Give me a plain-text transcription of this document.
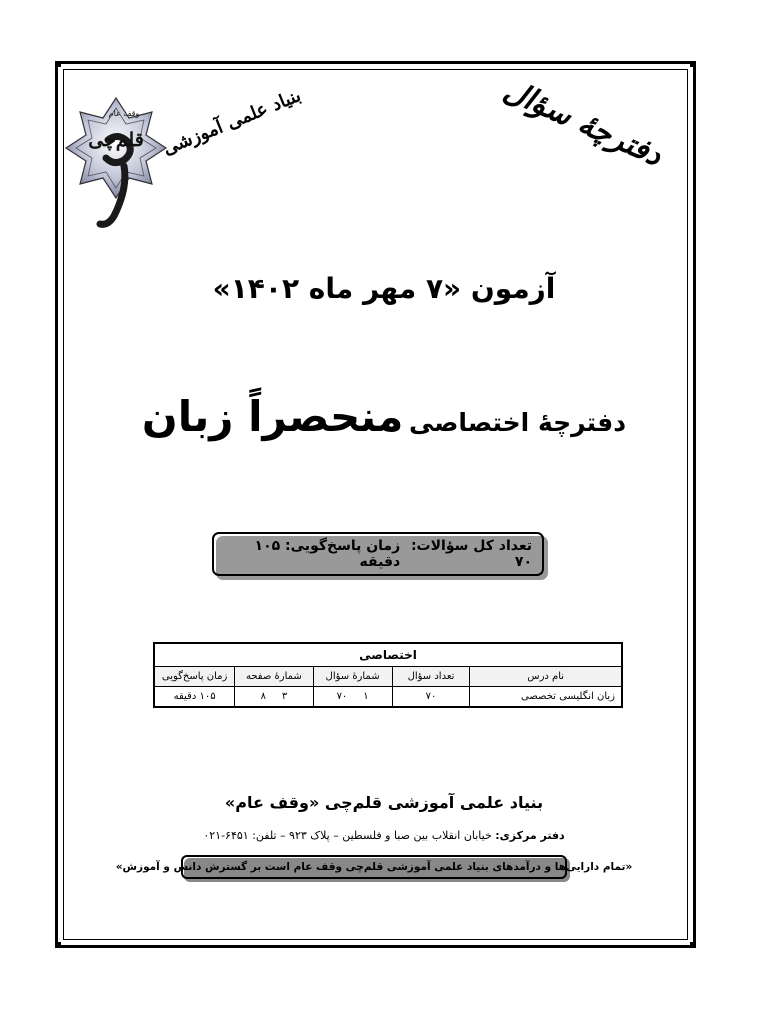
قلم‌چی
وقف عام بنیاد علمی آموزشی	دفترچۀ سؤال
آزمون «۷ مهر ماه ۱۴۰۲»
دفترچۀ اختصاصی منحصراً زبان
تعداد کل سؤالات: ۷۰
زمان پاسخ‌گویی: ۱۰۵ دقیقه
اختصاصی				
نام درس	تعداد سؤال	شمارۀ سؤال	شمارۀ صفحه	زمان پاسخ‌گویی
زبان انگلیسی تخصصی	۷۰	۱     ۷۰	۳     ۸	۱۰۵ دقیقه
بنیاد علمی آموزشی قلم‌چی «وقف عام»
دفتر مرکزی: خیابان انقلاب بین صبا و فلسطین – پلاک ۹۲۳ – تلفن: ۶۴۵۱-۰۲۱
«تمام دارایی‌ها و درآمدهای بنیاد علمی آموزشی قلم‌چی وقف عام است بر گسترش دانش و آموزش»
